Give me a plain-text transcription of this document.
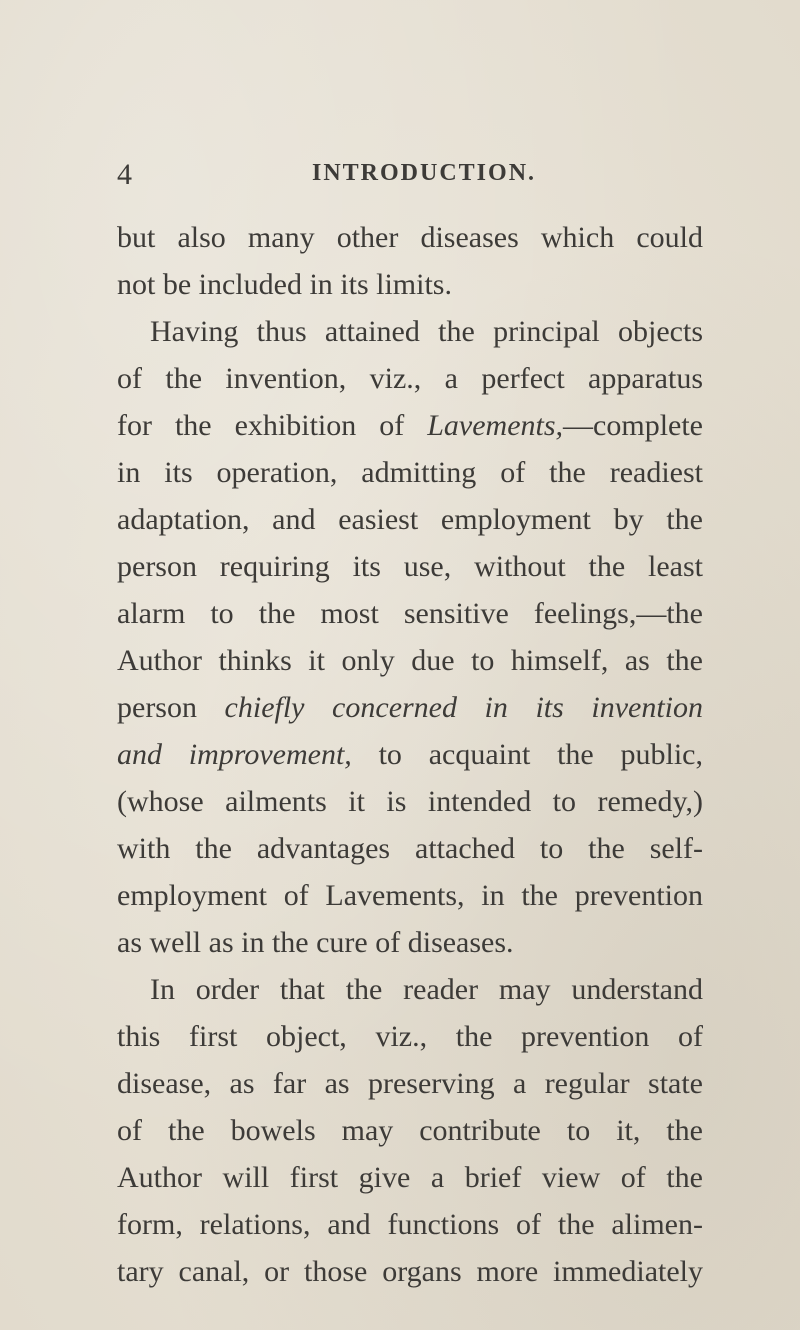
4	INTRODUCTION.
but also many other diseases which could
not be included in its limits.
Having thus attained the principal objects
of the invention, viz., a perfect apparatus
for the exhibition of Lavements,—complete
in its operation, admitting of the readiest
adaptation, and easiest employment by the
person requiring its use, without the least
alarm to the most sensitive feelings,—the
Author thinks it only due to himself, as the
person chiefly concerned in its invention
and improvement, to acquaint the public,
(whose ailments it is intended to remedy,)
with the advantages attached to the self-
employment of Lavements, in the prevention
as well as in the cure of diseases.
In order that the reader may understand
this first object, viz., the prevention of
disease, as far as preserving a regular state
of the bowels may contribute to it, the
Author will first give a brief view of the
form, relations, and functions of the alimen-
tary canal, or those organs more immediately
